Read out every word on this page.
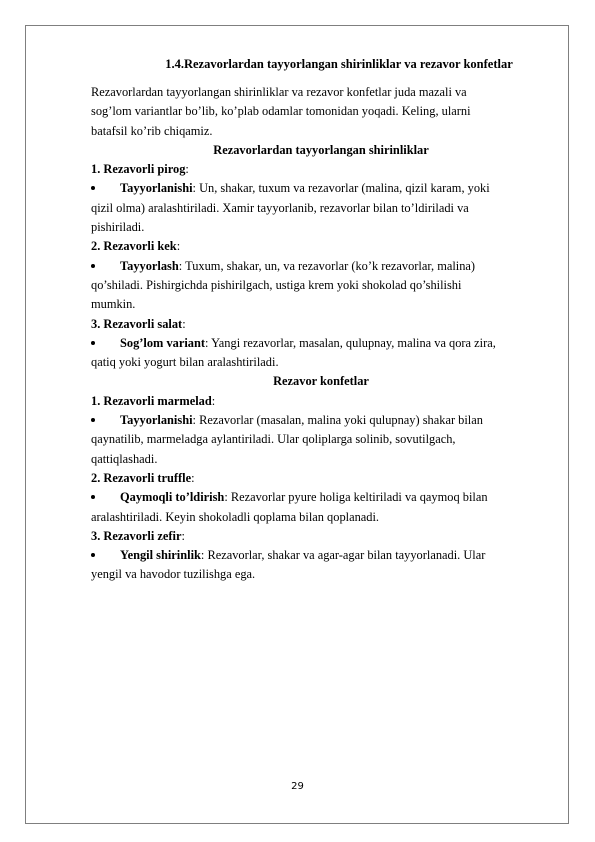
1.4.Rezavorlardan tayyorlangan shirinliklar va rezavor konfetlar

Rezavorlardan tayyorlangan shirinliklar va rezavor konfetlar juda mazali va

sog’lom variantlar bo’lib, ko’plab odamlar tomonidan yoqadi. Keling, ularni

batafsil ko’rib chiqamiz.

Rezavorlardan tayyorlangan shirinliklar

1. Rezavorli pirog:

Tayyorlanishi: Un, shakar, tuxum va rezavorlar (malina, qizil karam, yoki

qizil olma) aralashtiriladi. Xamir tayyorlanib, rezavorlar bilan to’ldiriladi va

pishiriladi.

2. Rezavorli kek:

Tayyorlash: Tuxum, shakar, un, va rezavorlar (ko’k rezavorlar, malina)

qo’shiladi. Pishirgichda pishirilgach, ustiga krem yoki shokolad qo’shilishi

mumkin.

3. Rezavorli salat:

Sog’lom variant: Yangi rezavorlar, masalan, qulupnay, malina va qora zira,

qatiq yoki yogurt bilan aralashtiriladi.

Rezavor konfetlar

1. Rezavorli marmelad:

Tayyorlanishi: Rezavorlar (masalan, malina yoki qulupnay) shakar bilan

qaynatilib, marmeladga aylantiriladi. Ular qoliplarga solinib, sovutilgach,

qattiqlashadi.

2. Rezavorli truffle:

Qaymoqli to’ldirish: Rezavorlar pyure holiga keltiriladi va qaymoq bilan

aralashtiriladi. Keyin shokoladli qoplama bilan qoplanadi.

3. Rezavorli zefir:

Yengil shirinlik: Rezavorlar, shakar va agar-agar bilan tayyorlanadi. Ular

yengil va havodor tuzilishga ega.

29
